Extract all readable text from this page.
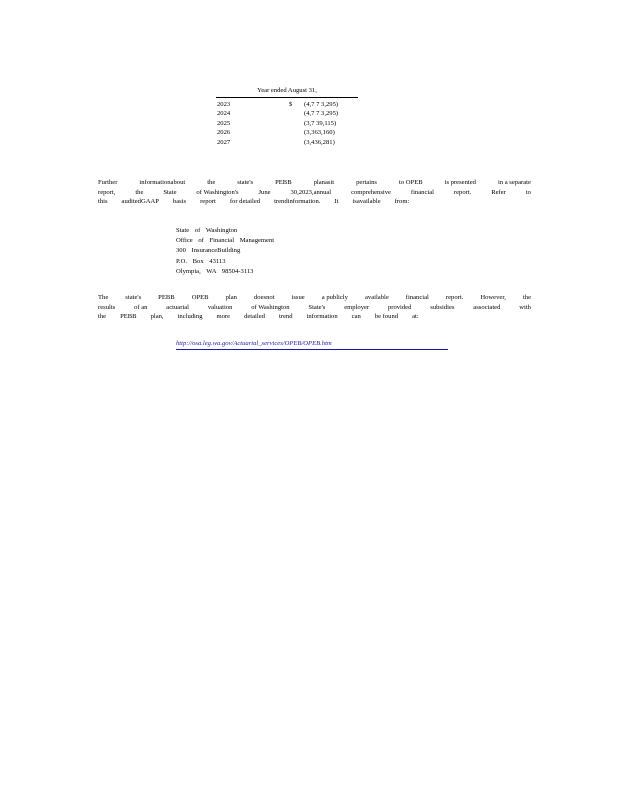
Year ended August 31,
2023	$ (4,7 7 3,295)
2024	(4,7 7 3,295)
2025	(3,7 39,115)
2026	(3,363,160)
2027	(3,436,281)
Further	informationabout	the	state's	PEBB	planasit	pertains	to OPEB	is presented	in a separate
report,	the	State	of Washington's	June	30,2023,annual	comprehensive	financial	report.	Refer	to
this auditedGAAP basis report for detailed trendinformation. It isavailable from:
State of Washington
Office of Financial Management
300 InsuranceBuilding
P.O. Box 43113
Olympia, WA 98504-3113
The	state's	PEBB	OPEB	plan	doesnot	issue	a publicly	available	financial	report.	However,	the
results	of an	actuarial	valuation	of Washington	State's	employer	provided	subsidies	associated	with
the PEBB plan, including more detailed trend information can be found at:
http://osa.leg.wa.gov/Actuarial_services/OPEB/OPEB.htm
